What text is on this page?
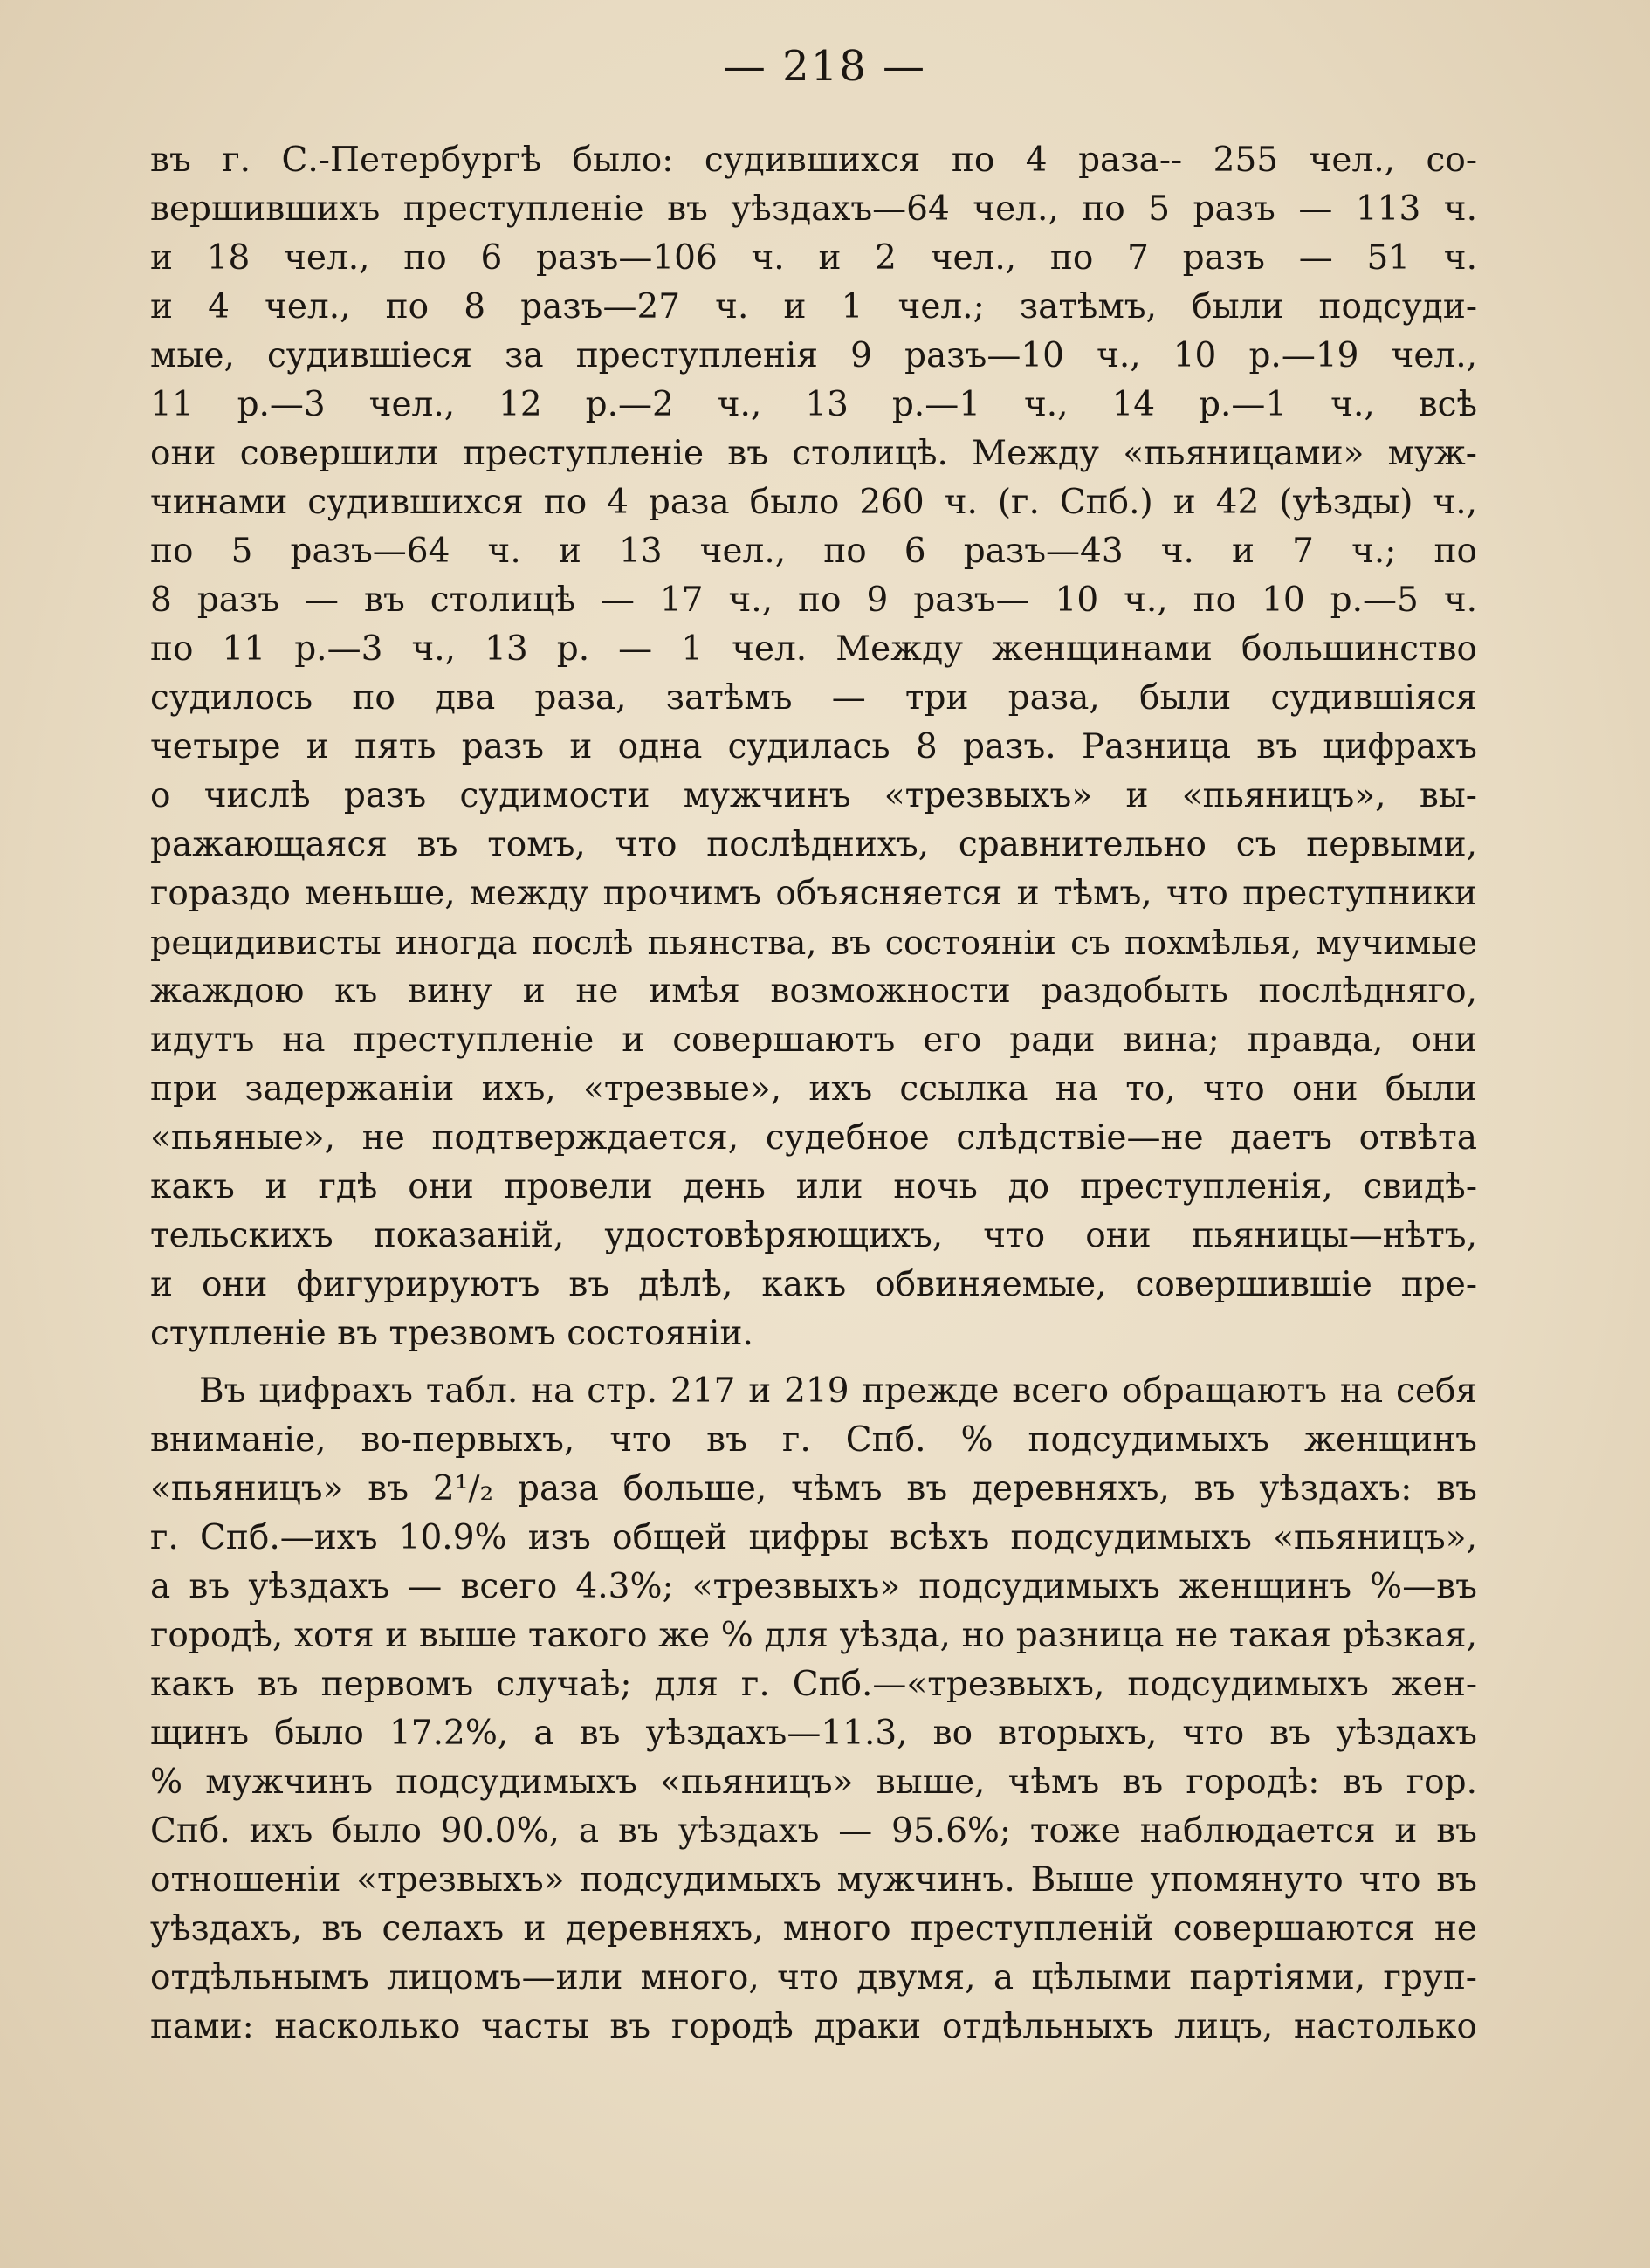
— 218 —
въ г. С.-Петербургѣ было: судившихся по 4 раза-- 255 чел., со-
вершившихъ преступленіе въ уѣздахъ—64 чел., по 5 разъ — 113 ч.
и 18 чел., по 6 разъ—106 ч. и 2 чел., по 7 разъ — 51 ч.
и 4 чел., по 8 разъ—27 ч. и 1 чел.; затѣмъ, были подсуди-
мые, судившіеся за преступленія 9 разъ—10 ч., 10 р.—19 чел.,
11 р.—3 чел., 12 р.—2 ч., 13 р.—1 ч., 14 р.—1 ч., всѣ
они совершили преступленіе въ столицѣ. Между «пьяницами» муж-
чинами судившихся по 4 раза было 260 ч. (г. Спб.) и 42 (уѣзды) ч.,
по 5 разъ—64 ч. и 13 чел., по 6 разъ—43 ч. и 7 ч.; по
8 разъ — въ столицѣ — 17 ч., по 9 разъ— 10 ч., по 10 р.—5 ч.
по 11 р.—3 ч., 13 р. — 1 чел. Между женщинами большинство
судилось по два раза, затѣмъ — три раза, были судившіяся
четыре и пять разъ и одна судилась 8 разъ. Разница въ цифрахъ
о числѣ разъ судимости мужчинъ «трезвыхъ» и «пьяницъ», вы-
ражающаяся въ томъ, что послѣднихъ, сравнительно съ первыми,
гораздо меньше, между прочимъ объясняется и тѣмъ, что преступники
рецидивисты иногда послѣ пьянства, въ состояніи съ похмѣлья, мучимые
жаждою къ вину и не имѣя возможности раздобыть послѣдняго,
идутъ на преступленіе и совершаютъ его ради вина; правда, они
при задержаніи ихъ, «трезвые», ихъ ссылка на то, что они были
«пьяные», не подтверждается, судебное слѣдствіе—не даетъ отвѣта
какъ и гдѣ они провели день или ночь до преступленія, свидѣ-
тельскихъ показаній, удостовѣряющихъ, что они пьяницы—нѣтъ,
и они фигурируютъ въ дѣлѣ, какъ обвиняемые, совершившіе пре-
ступленіе въ трезвомъ состояніи.
Въ цифрахъ табл. на стр. 217 и 219 прежде всего обращаютъ на себя
вниманіе, во-первыхъ, что въ г. Спб. % подсудимыхъ женщинъ
«пьяницъ» въ 2¹/₂ раза больше, чѣмъ въ деревняхъ, въ уѣздахъ: въ
г. Спб.—ихъ 10.9% изъ общей цифры всѣхъ подсудимыхъ «пьяницъ»,
а въ уѣздахъ — всего 4.3%; «трезвыхъ» подсудимыхъ женщинъ %—въ
городѣ, хотя и выше такого же % для уѣзда, но разница не такая рѣзкая,
какъ въ первомъ случаѣ; для г. Спб.—«трезвыхъ, подсудимыхъ жен-
щинъ было 17.2%, а въ уѣздахъ—11.3, во вторыхъ, что въ уѣздахъ
% мужчинъ подсудимыхъ «пьяницъ» выше, чѣмъ въ городѣ: въ гор.
Спб. ихъ было 90.0%, а въ уѣздахъ — 95.6%; тоже наблюдается и въ
отношеніи «трезвыхъ» подсудимыхъ мужчинъ. Выше упомянуто что въ
уѣздахъ, въ селахъ и деревняхъ, много преступленій совершаются не
отдѣльнымъ лицомъ—или много, что двумя, а цѣлыми партіями, груп-
пами: насколько часты въ городѣ драки отдѣльныхъ лицъ, настолько
